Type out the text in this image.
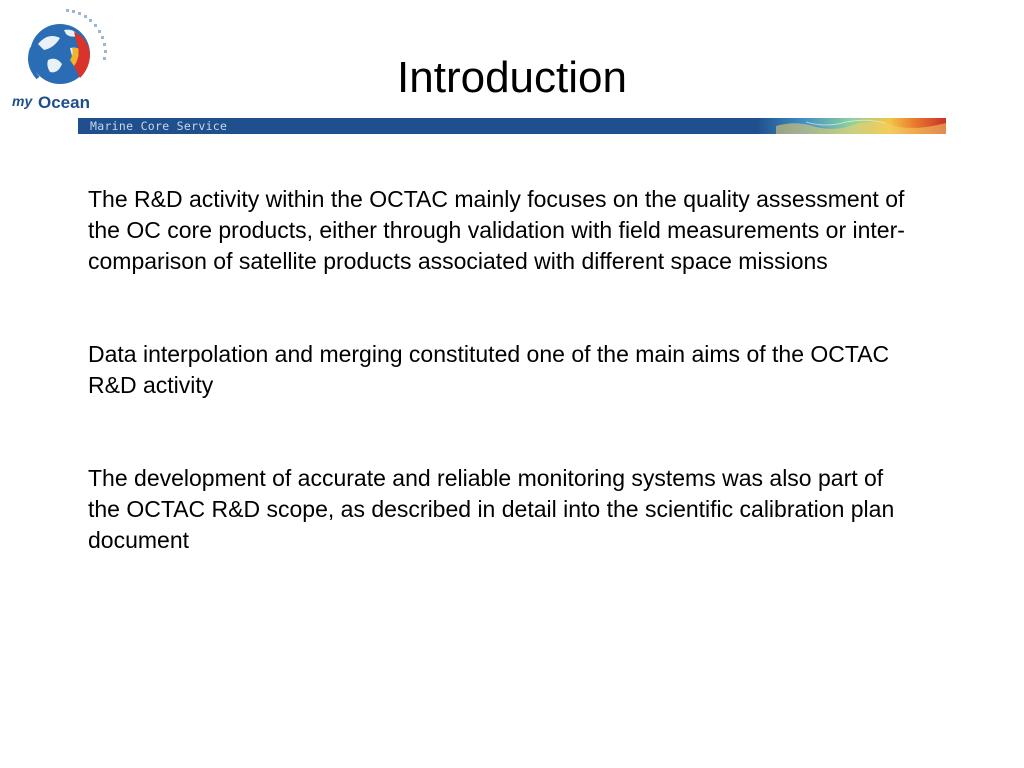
my Ocean
Introduction
Marine Core Service

The R&D activity within the OCTAC mainly focuses on the quality assessment of the OC core products, either through validation with field measurements or inter-comparison of satellite products associated with different space missions

Data interpolation and merging constituted one of the main aims of the OCTAC R&D activity

The development of accurate and reliable monitoring systems was also part of the OCTAC R&D scope, as described in detail into the scientific calibration plan document
